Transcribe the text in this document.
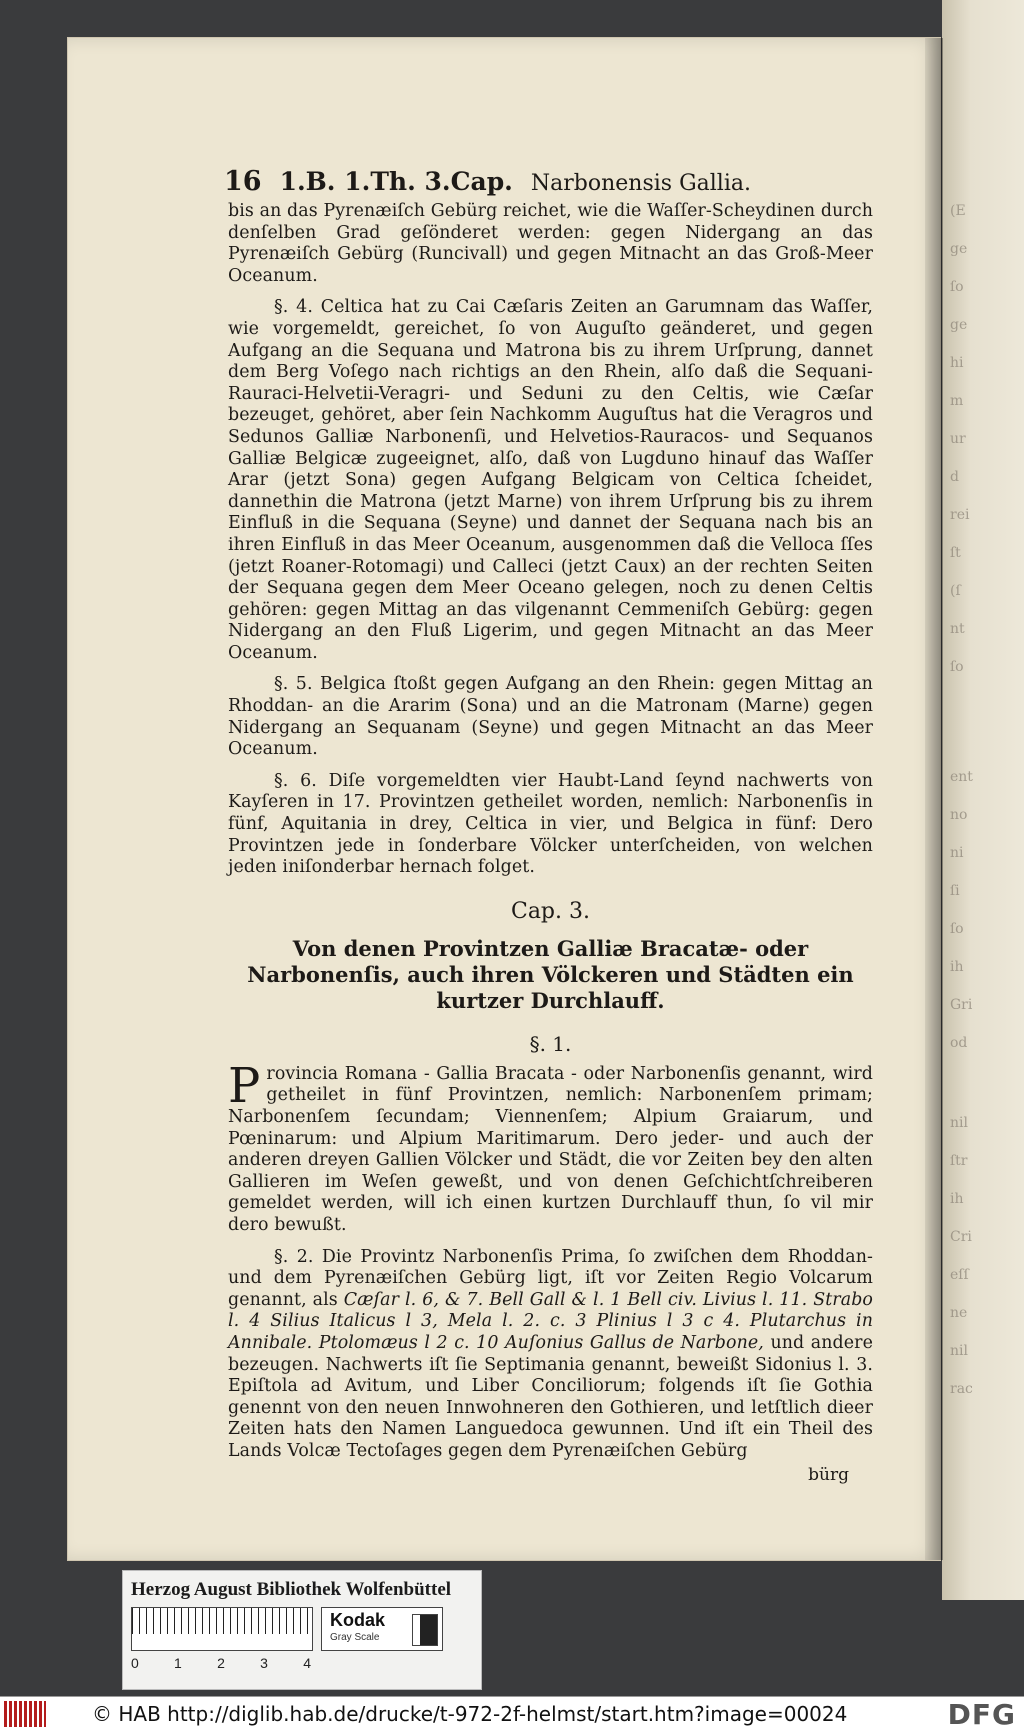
(E
ge
ſo
ge
hi
m
ur
d
rei
ſt
(ſ
nt
ſo
ent
no
ni
ſi
ſo
ih
Gri
od
nil
ſtr
ih
Cri
eſſ
ne
nil
rac
16 1.B. 1.Th. 3.Cap. Narbonensis Gallia.

bis an das Pyrenæiſch Gebürg reichet, wie die Waſſer-Scheydinen durch denſelben Grad geſönderet werden: gegen Nidergang an das Pyrenæiſch Gebürg (Runcivall) und gegen Mitnacht an das Groß-Meer Oceanum.

§. 4. Celtica hat zu Cai Cæſaris Zeiten an Garumnam das Waſſer, wie vorgemeldt, gereichet, ſo von Auguſto geänderet, und gegen Aufgang an die Sequana und Matrona bis zu ihrem Urſprung, dannet dem Berg Voſego nach richtigs an den Rhein, alſo daß die Sequani-Rauraci-Helvetii-Veragri- und Seduni zu den Celtis, wie Cæſar bezeuget, gehöret, aber ſein Nachkomm Auguſtus hat die Veragros und Sedunos Galliæ Narbonenſi, und Helvetios-Rauracos- und Sequanos Galliæ Belgicæ zugeeignet, alſo, daß von Lugduno hinauf das Waſſer Arar (jetzt Sona) gegen Aufgang Belgicam von Celtica ſcheidet, dannethin die Matrona (jetzt Marne) von ihrem Urſprung bis zu ihrem Einfluß in die Sequana (Seyne) und dannet der Sequana nach bis an ihren Einfluß in das Meer Oceanum, ausgenommen daß die Velloca ſſes (jetzt Roaner-Rotomagi) und Calleci (jetzt Caux) an der rechten Seiten der Sequana gegen dem Meer Oceano gelegen, noch zu denen Celtis gehören: gegen Mittag an das vilgenannt Cemmeniſch Gebürg: gegen Nidergang an den Fluß Ligerim, und gegen Mitnacht an das Meer Oceanum.

§. 5. Belgica ſtoßt gegen Aufgang an den Rhein: gegen Mittag an Rhoddan- an die Ararim (Sona) und an die Matronam (Marne) gegen Nidergang an Sequanam (Seyne) und gegen Mitnacht an das Meer Oceanum.

§. 6. Diſe vorgemeldten vier Haubt-Land ſeynd nachwerts von Kayſeren in 17. Provintzen getheilet worden, nemlich: Narbonenſis in fünf, Aquitania in drey, Celtica in vier, und Belgica in fünf: Dero Provintzen jede in ſonderbare Völcker unterſcheiden, von welchen jeden iniſonderbar hernach folget.

Cap. 3.
Von denen Provintzen Galliæ Bracatæ- oder Narbonenſis, auch ihren Völckeren und Städten ein kurtzer Durchlauff.
§. 1.

Provincia Romana - Gallia Bracata - oder Narbonenſis genannt, wird getheilet in fünf Provintzen, nemlich: Narbonenſem primam; Narbonenſem ſecundam; Viennenſem; Alpium Graiarum, und Pœninarum: und Alpium Maritimarum. Dero jeder- und auch der anderen dreyen Gallien Völcker und Städt, die vor Zeiten bey den alten Gallieren im Weſen geweßt, und von denen Geſchichtſchreiberen gemeldet werden, will ich einen kurtzen Durchlauff thun, ſo vil mir dero bewußt.

§. 2. Die Provintz Narbonenſis Prima, ſo zwiſchen dem Rhoddan- und dem Pyrenæiſchen Gebürg ligt, iſt vor Zeiten Regio Volcarum genannt, als Cæſar l. 6, & 7. Bell Gall & l. 1 Bell civ. Livius l. 11. Strabo l. 4 Silius Italicus l 3, Mela l. 2. c. 3 Plinius l 3 c 4. Plutarchus in Annibale. Ptolomæus l 2 c. 10 Auſonius Gallus de Narbone, und andere bezeugen. Nachwerts iſt ſie Septimania genannt, beweißt Sidonius l. 3. Epiſtola ad Avitum, und Liber Conciliorum; folgends iſt ſie Gothia genennt von den neuen Innwohneren den Gothieren, und letſtlich dieer Zeiten hats den Namen Languedoca gewunnen. Und iſt ein Theil des Lands Volcæ Tectoſages gegen dem Pyrenæiſchen Gebürg

bürg
Herzog August Bibliothek Wolfenbüttel
0	1	2	3	4
Kodak
Gray Scale
© HAB http://diglib.hab.de/drucke/t-972-2f-helmst/start.htm?image=00024	DFG
